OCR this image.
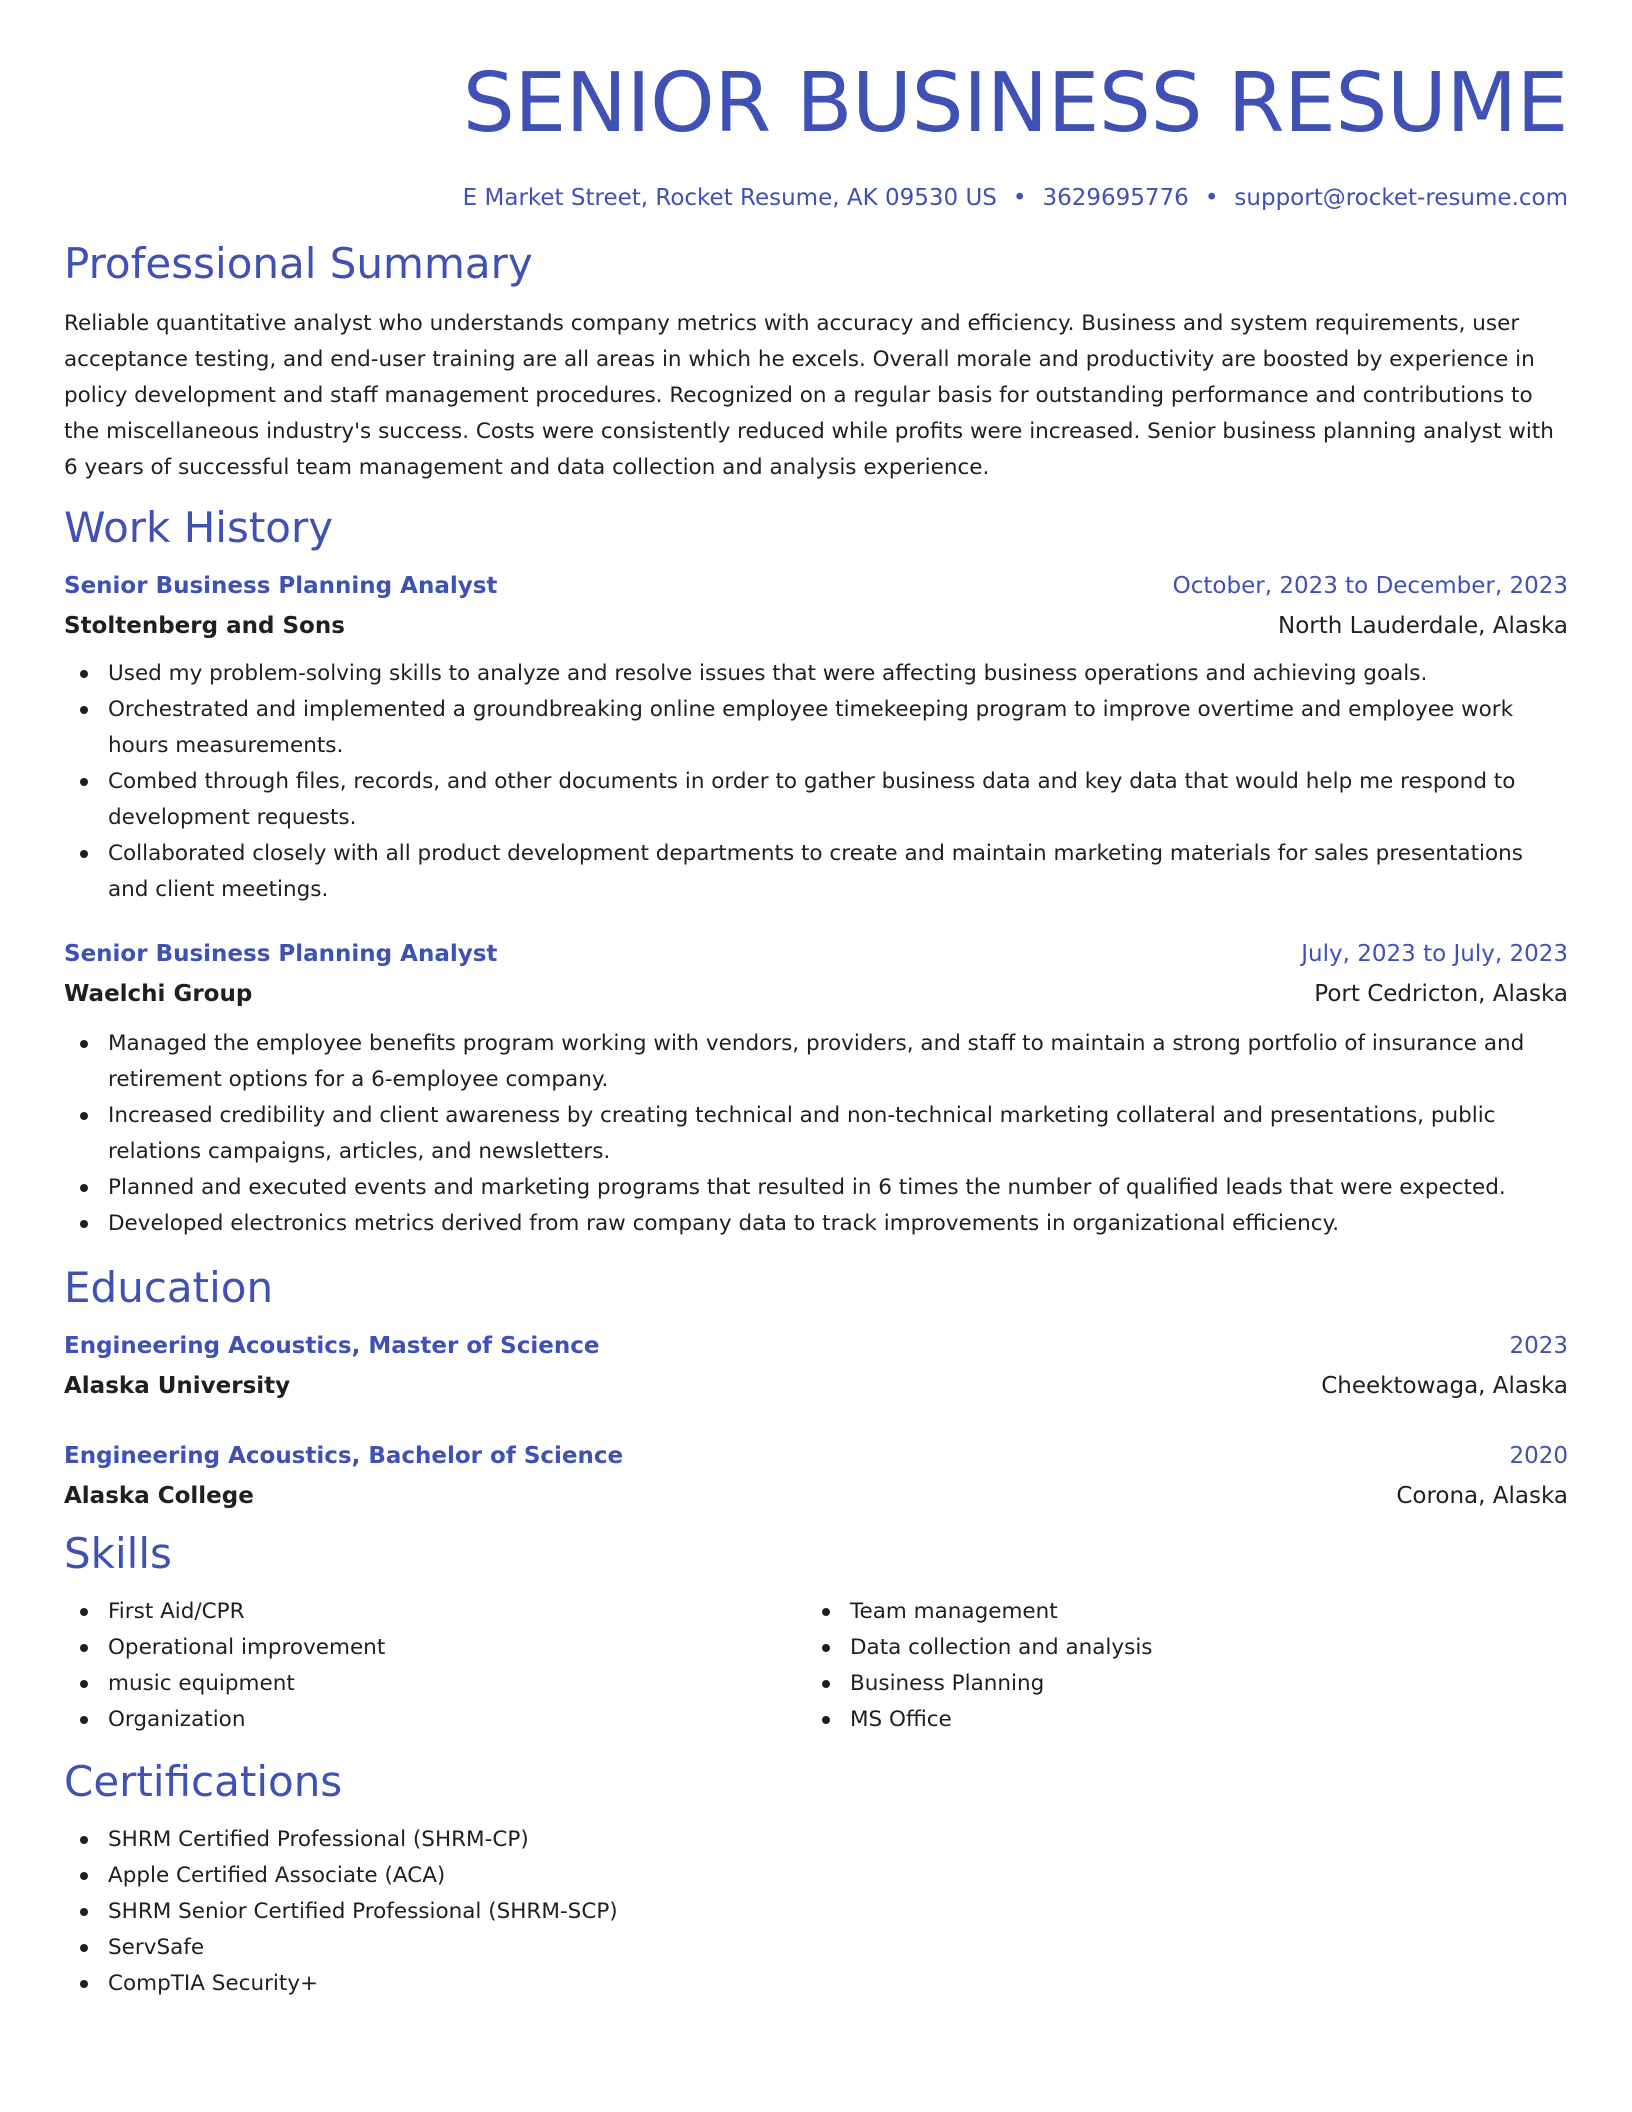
SENIOR BUSINESS RESUME
E Market Street, Rocket Resume, AK 09530 US • 3629695776 • support@rocket-resume.com
Professional Summary
Reliable quantitative analyst who understands company metrics with accuracy and efficiency. Business and system requirements, user acceptance testing, and end-user training are all areas in which he excels. Overall morale and productivity are boosted by experience in policy development and staff management procedures. Recognized on a regular basis for outstanding performance and contributions to the miscellaneous industry's success. Costs were consistently reduced while profits were increased. Senior business planning analyst with 6 years of successful team management and data collection and analysis experience.
Work History
Senior Business Planning Analyst	October, 2023 to December, 2023
Stoltenberg and Sons	North Lauderdale, Alaska
Used my problem-solving skills to analyze and resolve issues that were affecting business operations and achieving goals.
Orchestrated and implemented a groundbreaking online employee timekeeping program to improve overtime and employee work hours measurements.
Combed through files, records, and other documents in order to gather business data and key data that would help me respond to development requests.
Collaborated closely with all product development departments to create and maintain marketing materials for sales presentations and client meetings.
Senior Business Planning Analyst	July, 2023 to July, 2023
Waelchi Group	Port Cedricton, Alaska
Managed the employee benefits program working with vendors, providers, and staff to maintain a strong portfolio of insurance and retirement options for a 6-employee company.
Increased credibility and client awareness by creating technical and non-technical marketing collateral and presentations, public relations campaigns, articles, and newsletters.
Planned and executed events and marketing programs that resulted in 6 times the number of qualified leads that were expected.
Developed electronics metrics derived from raw company data to track improvements in organizational efficiency.
Education
Engineering Acoustics, Master of Science	2023
Alaska University	Cheektowaga, Alaska
Engineering Acoustics, Bachelor of Science	2020
Alaska College	Corona, Alaska
Skills
First Aid/CPR
Operational improvement
music equipment
Organization
Team management
Data collection and analysis
Business Planning
MS Office
Certifications
SHRM Certified Professional (SHRM-CP)
Apple Certified Associate (ACA)
SHRM Senior Certified Professional (SHRM-SCP)
ServSafe
CompTIA Security+
